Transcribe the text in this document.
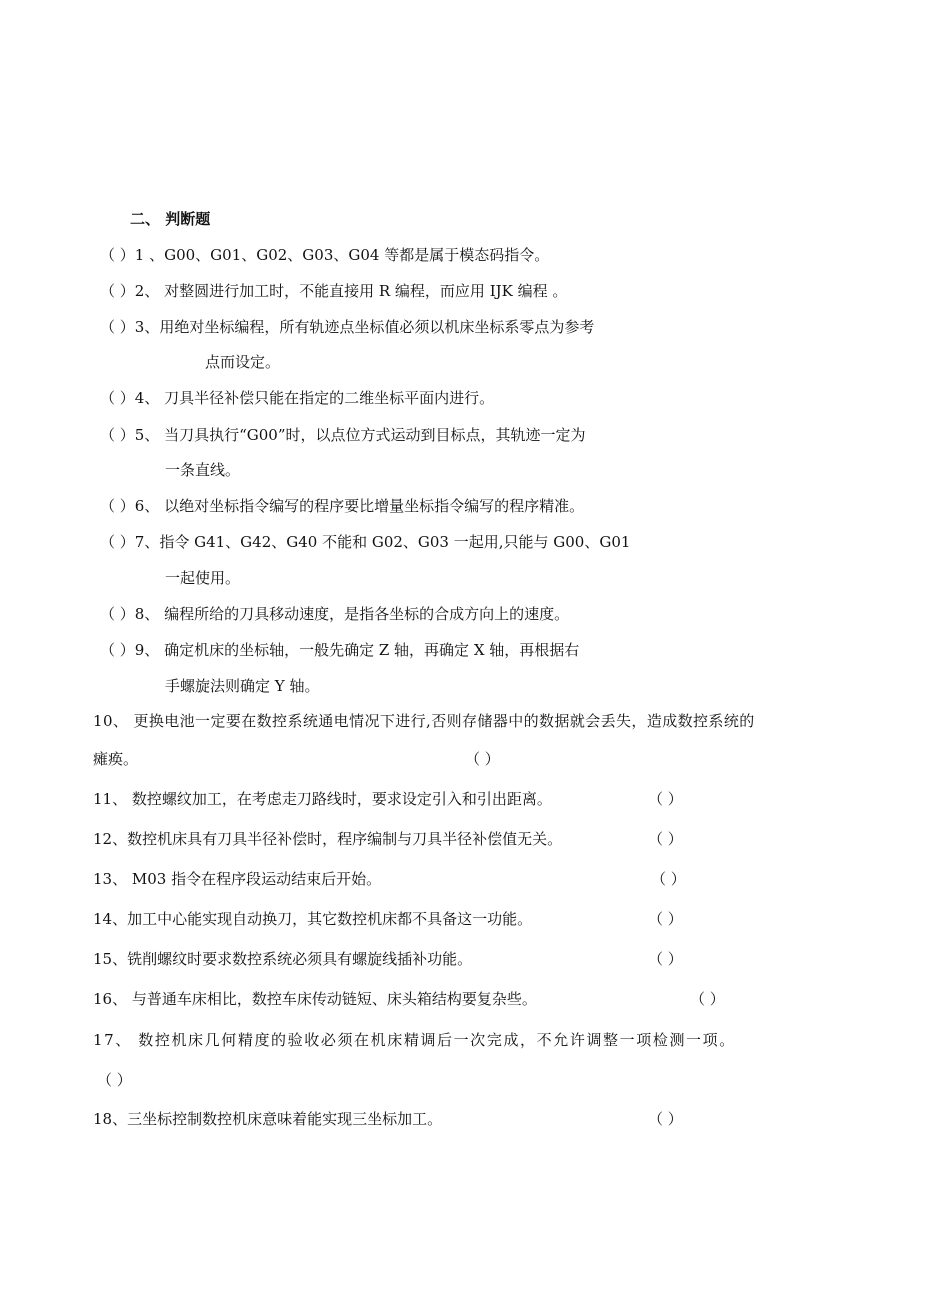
二、 判断题
（ ）1 、G00、G01、G02、G03、G04 等都是属于模态码指令。
（ ）2、 对整圆进行加工时，不能直接用 R 编程，而应用 IJK 编程 。
（ ）3、用绝对坐标编程，所有轨迹点坐标值必须以机床坐标系零点为参考
点而设定。
（ ）4、 刀具半径补偿只能在指定的二维坐标平面内进行。
（ ）5、 当刀具执行“G00”时，以点位方式运动到目标点，其轨迹一定为
一条直线。
（ ）6、 以绝对坐标指令编写的程序要比增量坐标指令编写的程序精准。
（ ）7、指令 G41、G42、G40 不能和 G02、G03 一起用,只能与 G00、G01
一起使用。
（ ）8、 编程所给的刀具移动速度，是指各坐标的合成方向上的速度。
（ ）9、 确定机床的坐标轴，一般先确定 Z 轴，再确定 X 轴，再根据右
手螺旋法则确定 Y 轴。
10、 更换电池一定要在数控系统通电情况下进行,否则存储器中的数据就会丢失，造成数控系统的
瘫痪。	（ ）
11、 数控螺纹加工，在考虑走刀路线时，要求设定引入和引出距离。	（ ）
12、数控机床具有刀具半径补偿时，程序编制与刀具半径补偿值无关。	（ ）
13、 M03 指令在程序段运动结束后开始。	（ ）
14、加工中心能实现自动换刀，其它数控机床都不具备这一功能。	（ ）
15、铣削螺纹时要求数控系统必须具有螺旋线插补功能。	（ ）
16、 与普通车床相比，数控车床传动链短、床头箱结构要复杂些。	（ ）
17、 数控机床几何精度的验收必须在机床精调后一次完成，不允许调整一项检测一项。
（ ）
18、三坐标控制数控机床意味着能实现三坐标加工。	（ ）
